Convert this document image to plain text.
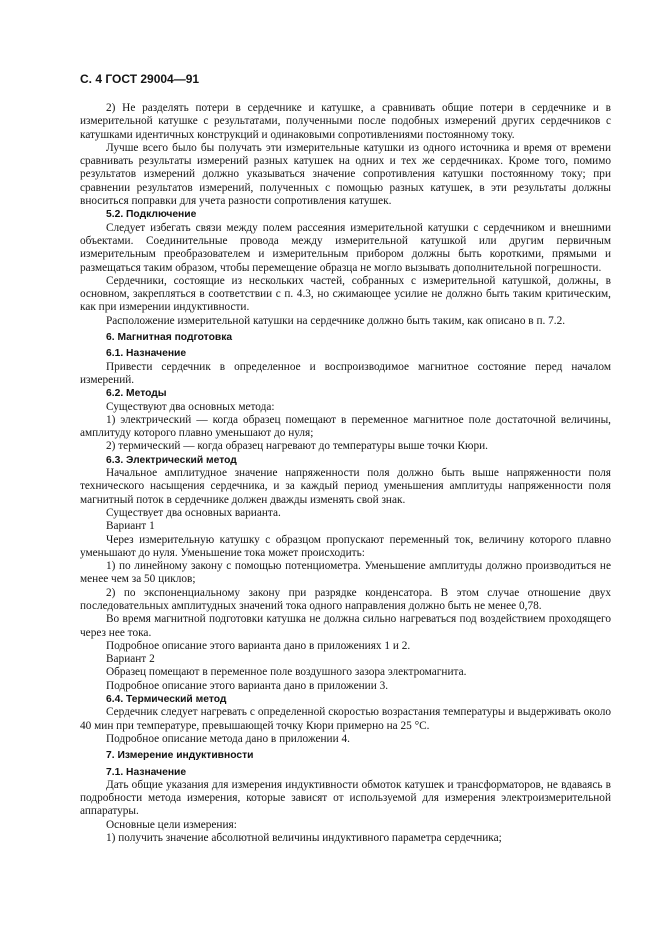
С. 4 ГОСТ 29004—91

2) Не разделять потери в сердечнике и катушке, а сравнивать общие потери в сердечнике и в измерительной катушке с результатами, полученными после подобных измерений других сердечников с катушками идентичных конструкций и одинаковыми сопротивлениями постоянному току.

Лучше всего было бы получать эти измерительные катушки из одного источника и время от времени сравнивать результаты измерений разных катушек на одних и тех же сердечниках. Кроме того, помимо результатов измерений должно указываться значение сопротивления катушки постоянному току; при сравнении результатов измерений, полученных с помощью разных катушек, в эти результаты должны вноситься поправки для учета разности сопротивления катушек.

5.2. Подключение

Следует избегать связи между полем рассеяния измерительной катушки с сердечником и внешними объектами. Соединительные провода между измерительной катушкой или другим первичным измерительным преобразователем и измерительным прибором должны быть короткими, прямыми и размещаться таким образом, чтобы перемещение образца не могло вызывать дополнительной погрешности.

Сердечники, состоящие из нескольких частей, собранных с измерительной катушкой, должны, в основном, закрепляться в соответствии с п. 4.3, но сжимающее усилие не должно быть таким критическим, как при измерении индуктивности.

Расположение измерительной катушки на сердечнике должно быть таким, как описано в п. 7.2.

6. Магнитная подготовка
6.1. Назначение

Привести сердечник в определенное и воспроизводимое магнитное состояние перед началом измерений.

6.2. Методы

Существуют два основных метода:

1) электрический — когда образец помещают в переменное магнитное поле достаточной величины, амплитуду которого плавно уменьшают до нуля;

2) термический — когда образец нагревают до температуры выше точки Кюри.

6.3. Электрический метод

Начальное амплитудное значение напряженности поля должно быть выше напряженности поля технического насыщения сердечника, и за каждый период уменьшения амплитуды напряженности поля магнитный поток в сердечнике должен дважды изменять свой знак.

Существует два основных варианта.

Вариант 1

Через измерительную катушку с образцом пропускают переменный ток, величину которого плавно уменьшают до нуля. Уменьшение тока может происходить:

1) по линейному закону с помощью потенциометра. Уменьшение амплитуды должно производиться не менее чем за 50 циклов;

2) по экспоненциальному закону при разрядке конденсатора. В этом случае отношение двух последовательных амплитудных значений тока одного направления должно быть не менее 0,78.

Во время магнитной подготовки катушка не должна сильно нагреваться под воздействием проходящего через нее тока.

Подробное описание этого варианта дано в приложениях 1 и 2.

Вариант 2

Образец помещают в переменное поле воздушного зазора электромагнита.

Подробное описание этого варианта дано в приложении 3.

6.4. Термический метод

Сердечник следует нагревать с определенной скоростью возрастания температуры и выдерживать около 40 мин при температуре, превышающей точку Кюри примерно на 25 °С.

Подробное описание метода дано в приложении 4.

7. Измерение индуктивности
7.1. Назначение

Дать общие указания для измерения индуктивности обмоток катушек и трансформаторов, не вдаваясь в подробности метода измерения, которые зависят от используемой для измерения электроизмерительной аппаратуры.

Основные цели измерения:

1) получить значение абсолютной величины индуктивного параметра сердечника;
